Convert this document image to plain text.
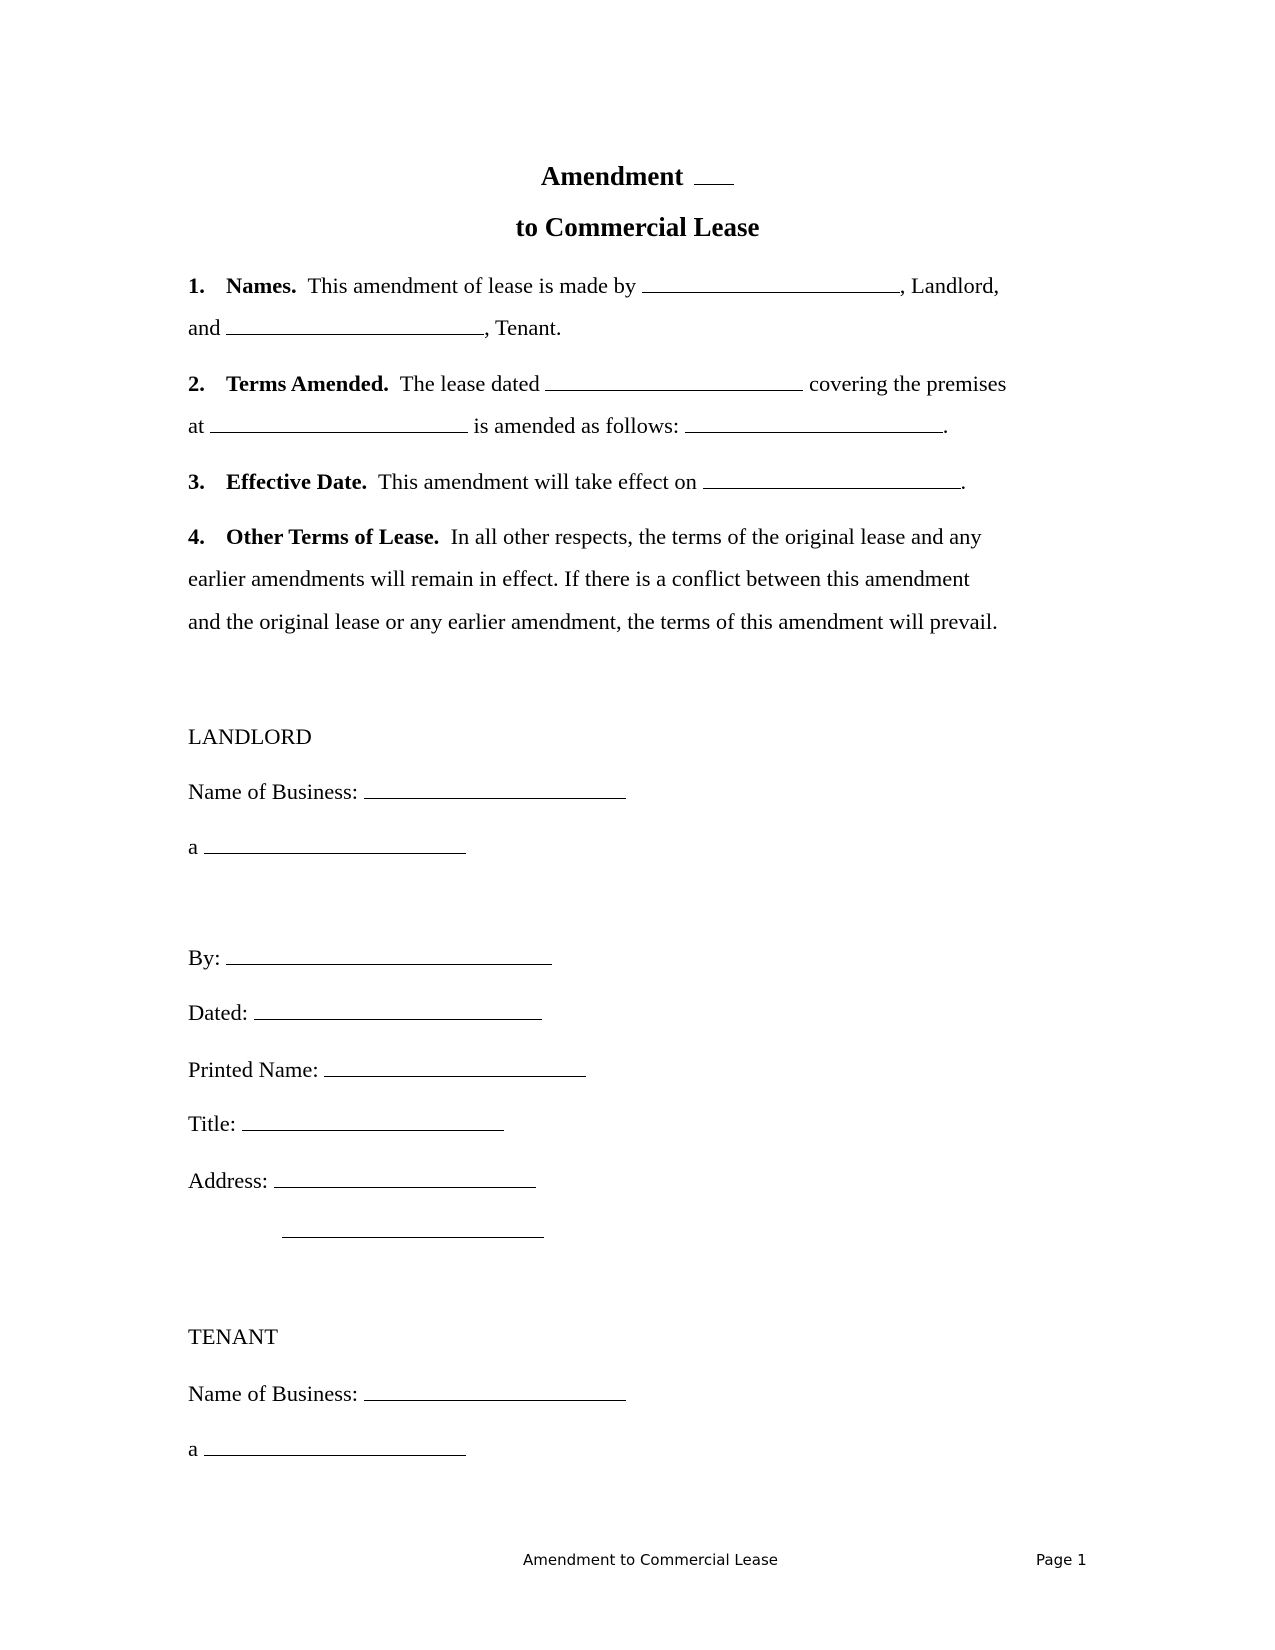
Amendment
to Commercial Lease
1. Names. This amendment of lease is made by	, Landlord,
and	, Tenant.
2. Terms Amended. The lease dated	covering the premises
at	is amended as follows:	.
3. Effective Date. This amendment will take effect on	.
4. Other Terms of Lease. In all other respects, the terms of the original lease and any
earlier amendments will remain in effect. If there is a conflict between this amendment
and the original lease or any earlier amendment, the terms of this amendment will prevail.
LANDLORD
Name of Business:
a
By:
Dated:
Printed Name:
Title:
Address:
TENANT
Name of Business:
a
Amendment to Commercial Lease	Page 1
